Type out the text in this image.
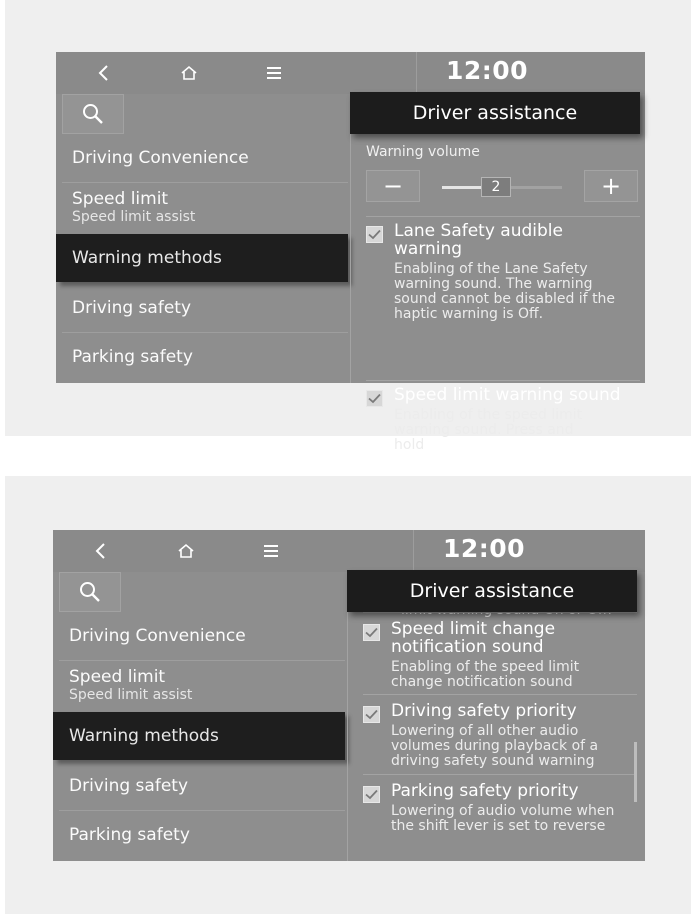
12:00
Driving Convenience
Speed limit
Speed limit assist
Warning methods
Driving safety
Parking safety
Driver assistance
Warning volume
−	2	+
Lane Safety audible warning
Enabling of the Lane Safety warning sound. The warning sound cannot be disabled if the haptic warning is Off.
Speed limit warning sound
Enabling of the speed limit warning sound. Press and hold
12:00
Driving Convenience
Speed limit
Speed limit assist
Warning methods
Driving safety
Parking safety
Driver assistance
Speed limit change notification sound
Enabling of the speed limit change notification sound
Driving safety priority
Lowering of all other audio volumes during playback of a driving safety sound warning
Parking safety priority
Lowering of audio volume when the shift lever is set to reverse
